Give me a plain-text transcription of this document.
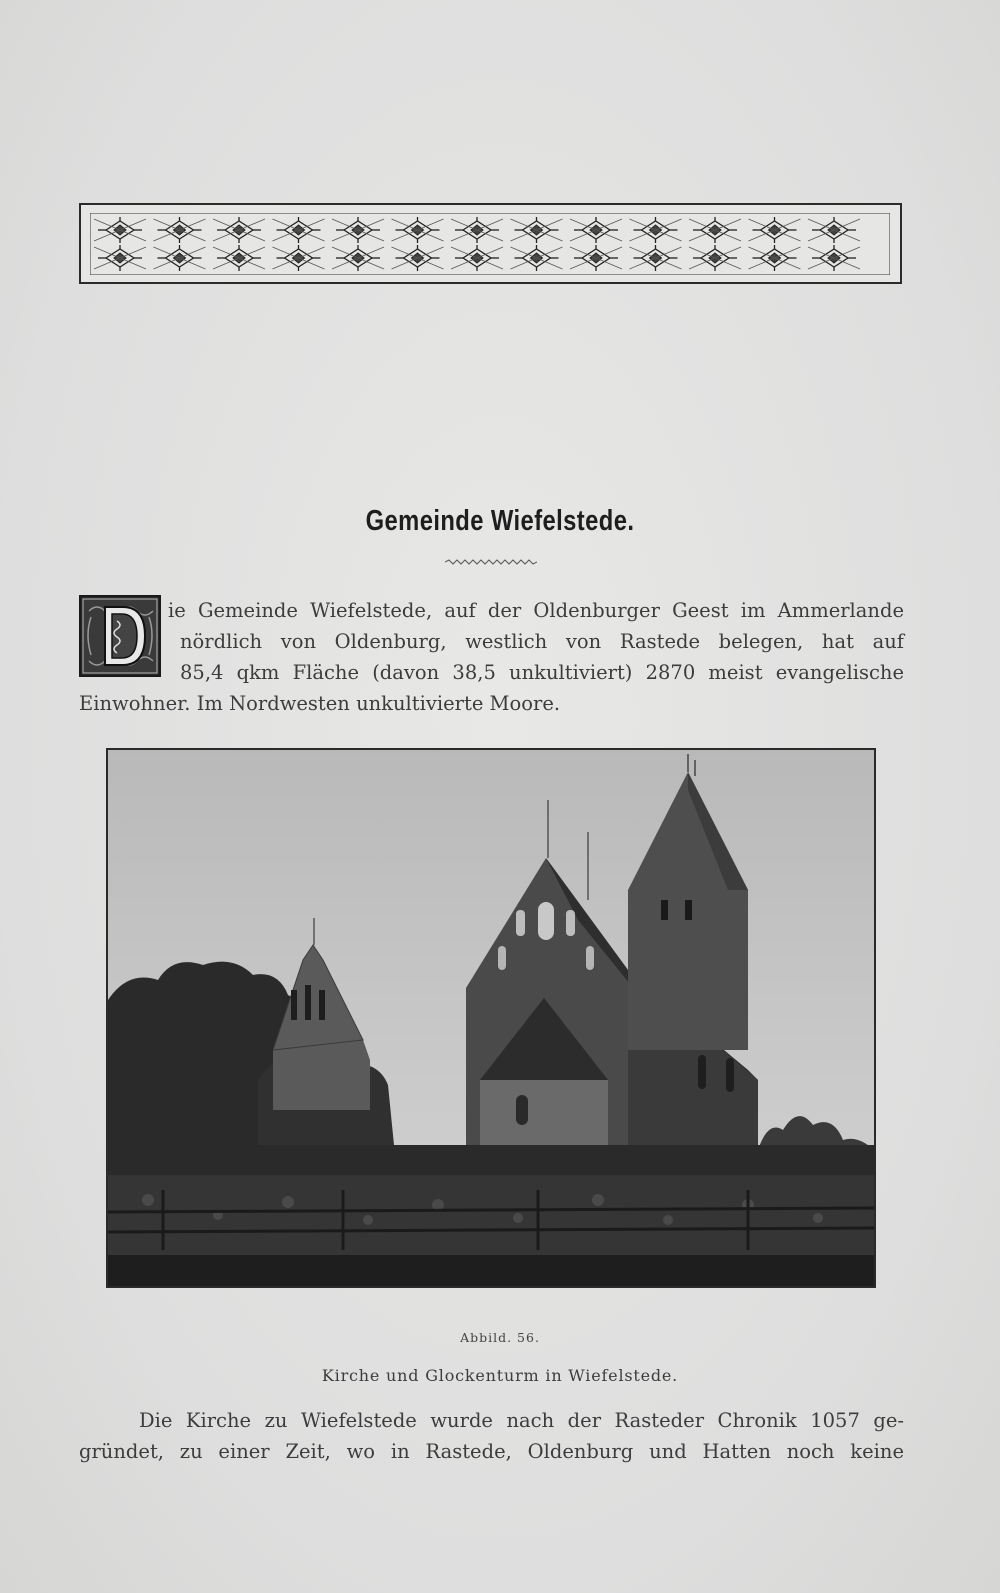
Gemeinde Wiefelstede.
ie Gemeinde Wiefelstede, auf der Oldenburger Geest im Ammerlande
nördlich von Oldenburg, westlich von Rastede belegen, hat auf
85,4 qkm Fläche (davon 38,5 unkultiviert) 2870 meist evangelische
Einwohner. Im Nordwesten unkultivierte Moore.
Abbild. 56.
Kirche und Glockenturm in Wiefelstede.
Die Kirche zu Wiefelstede wurde nach der Rasteder Chronik 1057 ge-
gründet, zu einer Zeit, wo in Rastede, Oldenburg und Hatten noch keine
